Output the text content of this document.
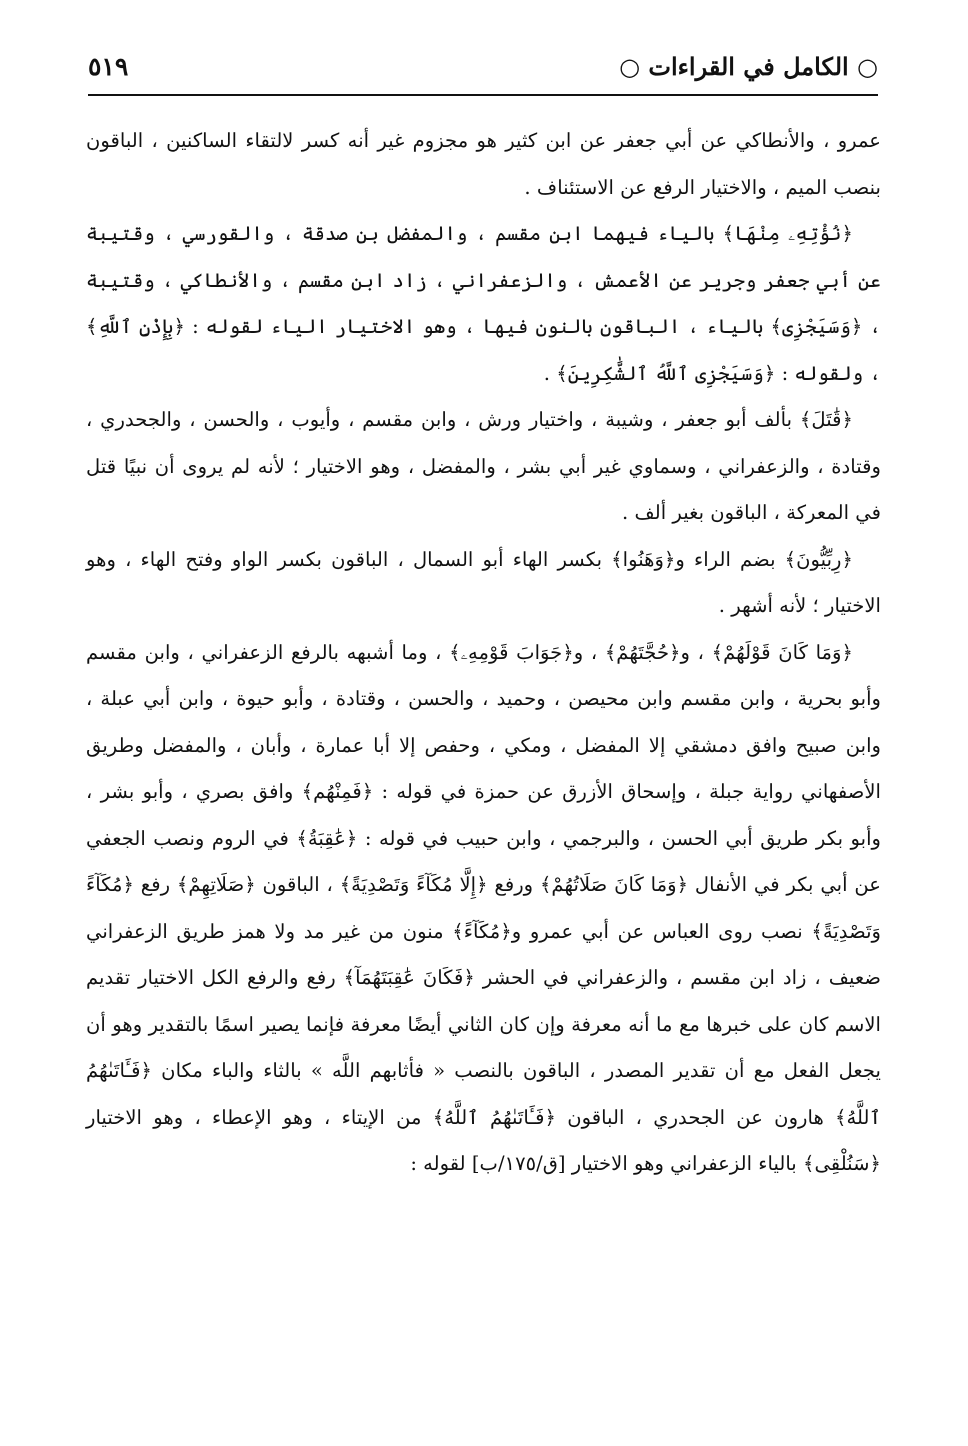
○ الكامل في القراءات ○
٥١٩

عمرو ، والأنطاكي عن أبي جعفر عن ابن كثير هو مجزوم غير أنه كسر لالتقاء الساكنين ، الباقون بنصب الميم ، والاختيار الرفع عن الاستئناف .

﴿نُؤْتِهِۦ مِنْهَا﴾ بالياء فيهما ابن مقسم ، والمفضل بن صدقة ، والقورسي ، وقتيبة عن أبي جعفر وجرير عن الأعمش ، والزعفراني ، زاد ابن مقسم ، والأنطاكي ، وقتيبة ، ﴿وَسَيَجْزِى﴾ بالياء ، الباقون بالنون فيها ، وهو الاختيار الياء لقوله : ﴿بِإِذْنِ ٱللَّهِ﴾ ، ولقوله : ﴿وَسَيَجْزِى ٱللَّهُ ٱلشَّٰكِرِينَ﴾ .

﴿قَٰتَلَ﴾ بألف أبو جعفر ، وشيبة ، واختيار ورش ، وابن مقسم ، وأيوب ، والحسن ، والجحدري ، وقتادة ، والزعفراني ، وسماوي غير أبي بشر ، والمفضل ، وهو الاختيار ؛ لأنه لم يروى أن نبيًا قتل في المعركة ، الباقون بغير ألف .

﴿رِبِّيُّونَ﴾ بضم الراء و﴿وَهَنُوا﴾ بكسر الهاء أبو السمال ، الباقون بكسر الواو وفتح الهاء ، وهو الاختيار ؛ لأنه أشهر .

﴿وَمَا كَانَ قَوْلَهُمْ﴾ ، و﴿حُجَّتَهُمْ﴾ ، و﴿جَوَابَ قَوْمِهِۦ﴾ ، وما أشبهه بالرفع الزعفراني ، وابن مقسم وأبو بحرية ، وابن مقسم وابن محيصن ، وحميد ، والحسن ، وقتادة ، وأبو حيوة ، وابن أبي عبلة ، وابن صبيح وافق دمشقي إلا المفضل ، ومكي ، وحفص إلا أبا عمارة ، وأبان ، والمفضل وطريق الأصفهاني رواية جبلة ، وإسحاق الأزرق عن حمزة في قوله : ﴿فَمِنْهُم﴾ وافق بصري ، وأبو بشر ، وأبو بكر طريق أبي الحسن ، والبرجمي ، وابن حبيب في قوله : ﴿عَٰقِبَةُ﴾ في الروم ونصب الجعفي عن أبي بكر في الأنفال ﴿وَمَا كَانَ صَلَاتُهُمْ﴾ ورفع ﴿إِلَّا مُكَآءً وَتَصْدِيَةً﴾ ، الباقون ﴿صَلَاتِهِمْ﴾ رفع ﴿مُكَآءً وَتَصْدِيَةً﴾ نصب روى العباس عن أبي عمرو و﴿مُكَآءً﴾ منون من غير مد ولا همز طريق الزعفراني ضعيف ، زاد ابن مقسم ، والزعفراني في الحشر ﴿فَكَانَ عَٰقِبَتَهُمَآ﴾ رفع والرفع الكل الاختيار تقديم الاسم كان على خبرها مع ما أنه معرفة وإن كان الثاني أيضًا معرفة فإنما يصير اسمًا بالتقدير وهو أن يجعل الفعل مع أن تقدير المصدر ، الباقون بالنصب « فأثابهم اللَّه » بالثاء والباء مكان ﴿فَـَٔاتَىٰهُمُ ٱللَّهُ﴾ هارون عن الجحدري ، الباقون ﴿فَـَٔاتَىٰهُمُ ٱللَّهُ﴾ من الإيتاء ، وهو الإعطاء ، وهو الاختيار ﴿سَنُلْقِى﴾ بالياء الزعفراني وهو الاختيار [ق/١٧٥/ب] لقوله :
